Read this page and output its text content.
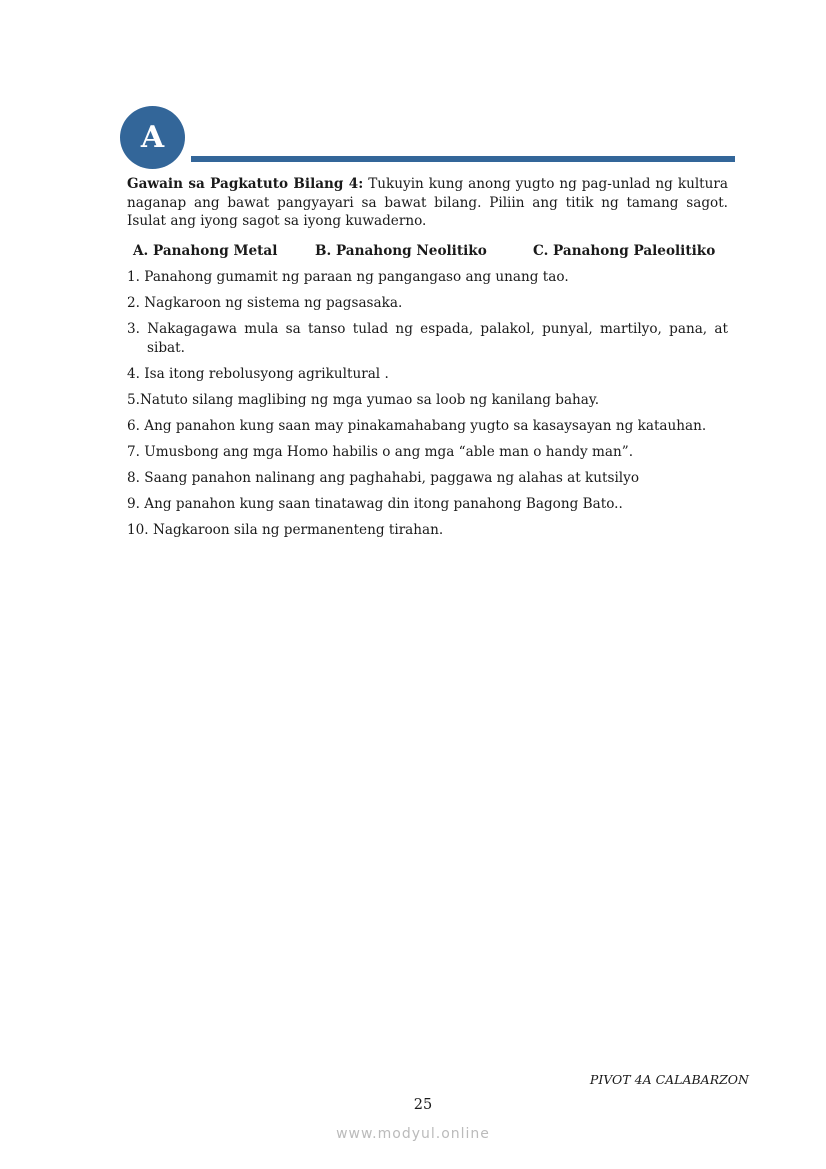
A

Gawain sa Pagkatuto Bilang 4: Tukuyin kung anong yugto ng pag-unlad ng kultura naganap ang bawat pangyayari sa bawat bilang. Piliin ang titik ng tamang sagot. Isulat ang iyong sagot sa iyong kuwaderno.

A. Panahong Metal	B. Panahong Neolitiko	C. Panahong Paleolitiko
1. Panahong gumamit ng paraan ng pangangaso ang unang tao.
2. Nagkaroon ng sistema ng pagsasaka.
3. Nakagagawa mula sa tanso tulad ng espada, palakol, punyal, martilyo, pana, at sibat.
4. Isa itong rebolusyong agrikultural .
5.Natuto silang maglibing ng mga yumao sa loob ng kanilang bahay.
6. Ang panahon kung saan may pinakamahabang yugto sa kasaysayan ng katauhan.
7. Umusbong ang mga Homo habilis o ang mga “able man o handy man”.
8. Saang panahon nalinang ang paghahabi, paggawa ng alahas at kutsilyo
9. Ang panahon kung saan tinatawag din itong panahong Bagong Bato..
10. Nagkaroon sila ng permanenteng tirahan.
PIVOT 4A CALABARZON
25
www.modyul.online
